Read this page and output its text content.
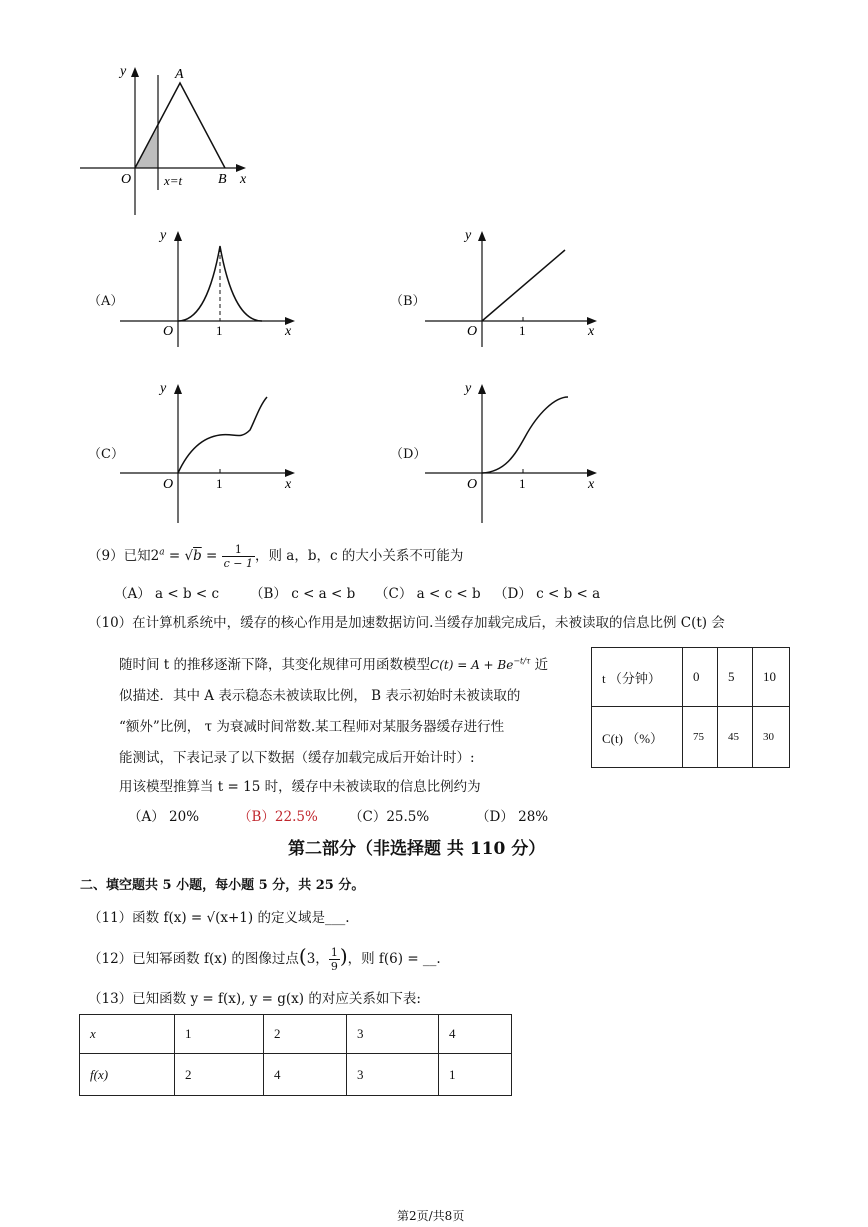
y	A
O	B x
x=t
（A）
y
O	1	x
（B）
y
O	1	x
（C）
y
O	1	x
（D）
y
O	1	x
（9）已知$2^a = √b = \frac{1}{c - 1}$ ，则 a，b，c 的大小关系不可能为
（A） a < b < c （B） c < a < b （C） a < c < b （D） c < b < a
（10）在计算机系统中，缓存的核心作用是加速数据访问.当缓存加载完成后，未被读取的信息比例 C(t) 会
随时间 t 的推移逐渐下降，其变化规律可用函数模型$C(t) = A + Be^{-t/\tau}$ 近
似描述．其中 A 表示稳态未被读取比例， B 表示初始时未被读取的
“额外”比例， τ 为衰减时间常数.某工程师对某服务器缓存进行性
能测试，下表记录了以下数据（缓存加载完成后开始计时）:
用该模型推算当 t = 15 时，缓存中未被读取的信息比例约为
（A） 20%	（B）22.5% （C）25.5%	（D） 28%
t （分钟）	0	5	10
C(t) （%）	75	45	30
第二部分（非选择题 共 110 分）
二、填空题共 5 小题，每小题 5 分，共 25 分。
（11）函数 f(x) = √(x+1) 的定义域是___.
（12）已知幂函数 f(x) 的图像过点(3， $\frac{1}{9}$ )，则 f(6) = __.
（13）已知函数 y = f(x), y = g(x) 的对应关系如下表:
x	1	2	3	4
f(x)	2	4	3	1
第2页/共8页
